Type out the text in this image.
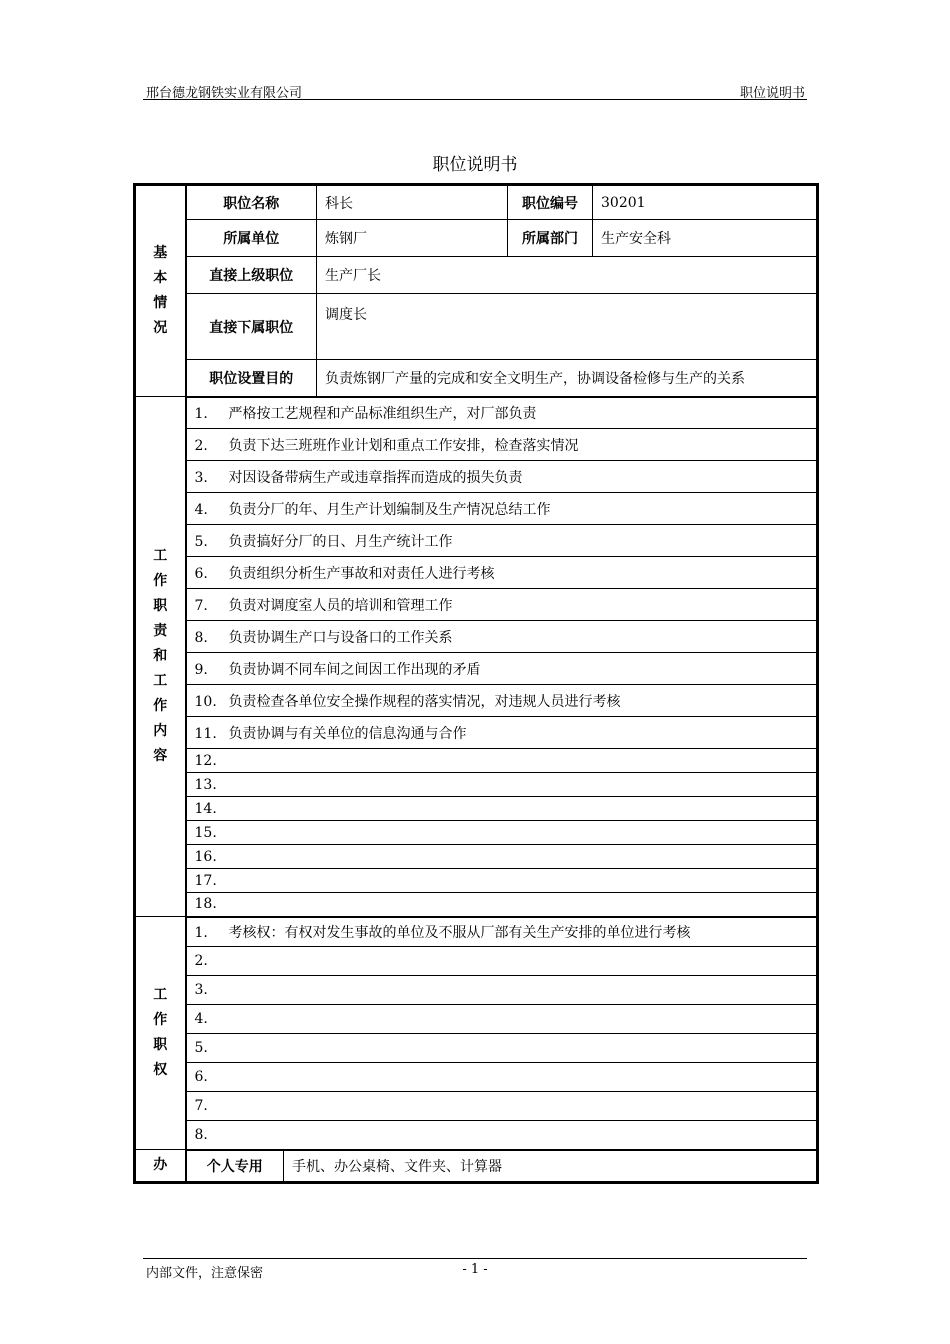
邢台德龙钢铁实业有限公司	职位说明书
职位说明书
基本情况	职位名称		科长	职位编号	30201
	所属单位		炼钢厂	所属部门	生产安全科
	直接上级职位		生产厂长		
	直接下属职位		调度长		
	职位设置目的		负责炼钢厂产量的完成和安全文明生产，协调设备检修与生产的关系		
工作职责和工作内容	1. 严格按工艺规程和产品标准组织生产，对厂部负责				
	2. 负责下达三班班作业计划和重点工作安排，检查落实情况				
	3. 对因设备带病生产或违章指挥而造成的损失负责				
	4. 负责分厂的年、月生产计划编制及生产情况总结工作				
	5. 负责搞好分厂的日、月生产统计工作				
	6. 负责组织分析生产事故和对责任人进行考核				
	7. 负责对调度室人员的培训和管理工作				
	8. 负责协调生产口与设备口的工作关系				
	9. 负责协调不同车间之间因工作出现的矛盾				
	10. 负责检查各单位安全操作规程的落实情况，对违规人员进行考核				
	11. 负责协调与有关单位的信息沟通与合作				
	12.				
	13.				
	14.				
	15.				
	16.				
	17.				
	18.				
工作职权	1. 考核权：有权对发生事故的单位及不服从厂部有关生产安排的单位进行考核				
	2.				
	3.				
	4.				
	5.				
	6.				
	7.				
	8.				
办	个人专用	手机、办公桌椅、文件夹、计算器			
内部文件，注意保密	- 1 -
